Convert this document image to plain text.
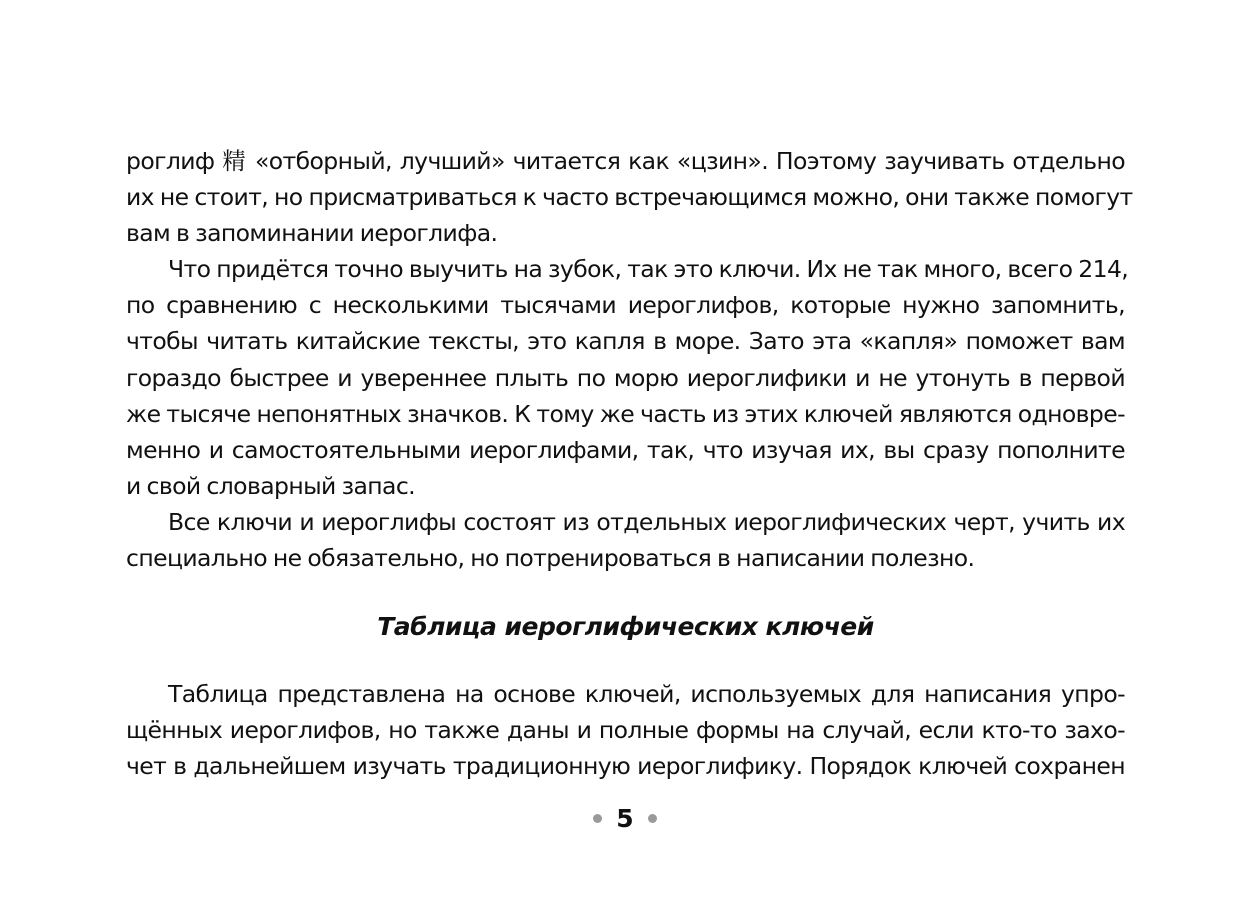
роглиф 精 «отборный, лучший» читается как «цзин». Поэтому заучивать отдельно
их не стоит, но присматриваться к часто встречающимся можно, они также помогут
вам в запоминании иероглифа.
Что придётся точно выучить на зубок, так это ключи. Их не так много, всего 214,
по сравнению с несколькими тысячами иероглифов, которые нужно запомнить,
чтобы читать китайские тексты, это капля в море. Зато эта «капля» поможет вам
гораздо быстрее и увереннее плыть по морю иероглифики и не утонуть в первой
же тысяче непонятных значков. К тому же часть из этих ключей являются одновре-
менно и самостоятельными иероглифами, так, что изучая их, вы сразу пополните
и свой словарный запас.
Все ключи и иероглифы состоят из отдельных иероглифических черт, учить их
специально не обязательно, но потренироваться в написании полезно.
Таблица иероглифических ключей
Таблица представлена на основе ключей, используемых для написания упро-
щённых иероглифов, но также даны и полные формы на случай, если кто-то захо-
чет в дальнейшем изучать традиционную иероглифику. Порядок ключей сохранен
5
